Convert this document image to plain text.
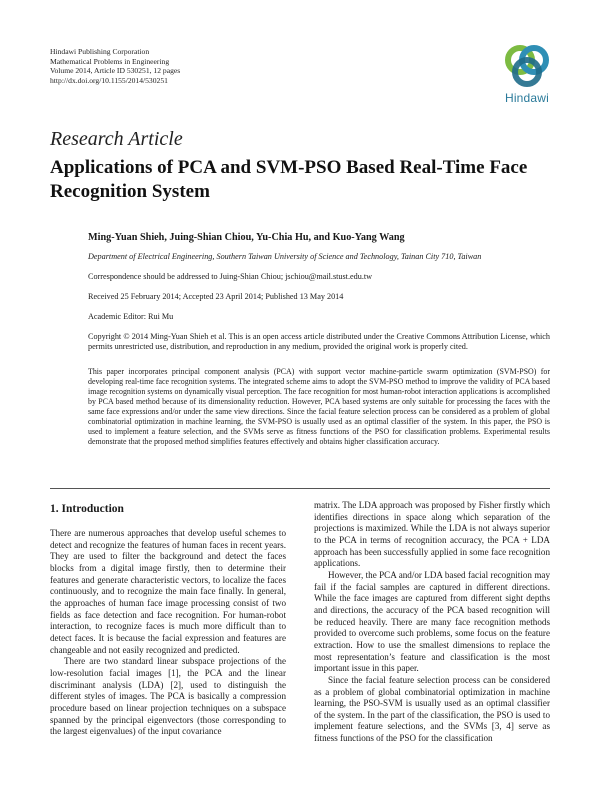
Hindawi Publishing Corporation
Mathematical Problems in Engineering
Volume 2014, Article ID 530251, 12 pages
http://dx.doi.org/10.1155/2014/530251
Hindawi
Research Article
Applications of PCA and SVM-PSO Based Real-Time Face Recognition System
Ming-Yuan Shieh, Juing-Shian Chiou, Yu-Chia Hu, and Kuo-Yang Wang
Department of Electrical Engineering, Southern Taiwan University of Science and Technology, Tainan City 710, Taiwan
Correspondence should be addressed to Juing-Shian Chiou; jschiou@mail.stust.edu.tw
Received 25 February 2014; Accepted 23 April 2014; Published 13 May 2014
Academic Editor: Rui Mu
Copyright © 2014 Ming-Yuan Shieh et al. This is an open access article distributed under the Creative Commons Attribution License, which permits unrestricted use, distribution, and reproduction in any medium, provided the original work is properly cited.
This paper incorporates principal component analysis (PCA) with support vector machine-particle swarm optimization (SVM-PSO) for developing real-time face recognition systems. The integrated scheme aims to adopt the SVM-PSO method to improve the validity of PCA based image recognition systems on dynamically visual perception. The face recognition for most human-robot interaction applications is accomplished by PCA based method because of its dimensionality reduction. However, PCA based systems are only suitable for processing the faces with the same face expressions and/or under the same view directions. Since the facial feature selection process can be considered as a problem of global combinatorial optimization in machine learning, the SVM-PSO is usually used as an optimal classifier of the system. In this paper, the PSO is used to implement a feature selection, and the SVMs serve as fitness functions of the PSO for classification problems. Experimental results demonstrate that the proposed method simplifies features effectively and obtains higher classification accuracy.
1. Introduction

There are numerous approaches that develop useful schemes to detect and recognize the features of human faces in recent years. They are used to filter the background and detect the faces blocks from a digital image firstly, then to determine their features and generate characteristic vectors, to localize the faces continuously, and to recognize the main face finally. In general, the approaches of human face image processing consist of two fields as face detection and face recognition. For human-robot interaction, to recognize faces is much more difficult than to detect faces. It is because the facial expression and features are changeable and not easily recognized and predicted.

There are two standard linear subspace projections of the low-resolution facial images [1], the PCA and the linear discriminant analysis (LDA) [2], used to distinguish the different styles of images. The PCA is basically a compression procedure based on linear projection techniques on a subspace spanned by the principal eigenvectors (those corresponding to the largest eigenvalues) of the input covariance

matrix. The LDA approach was proposed by Fisher firstly which identifies directions in space along which separation of the projections is maximized. While the LDA is not always superior to the PCA in terms of recognition accuracy, the PCA + LDA approach has been successfully applied in some face recognition applications.

However, the PCA and/or LDA based facial recognition may fail if the facial samples are captured in different directions. While the face images are captured from different sight depths and directions, the accuracy of the PCA based recognition will be reduced heavily. There are many face recognition methods provided to overcome such problems, some focus on the feature extraction. How to use the smallest dimensions to replace the most representation’s feature and classification is the most important issue in this paper.

Since the facial feature selection process can be considered as a problem of global combinatorial optimization in machine learning, the PSO-SVM is usually used as an optimal classifier of the system. In the part of the classification, the PSO is used to implement feature selections, and the SVMs [3, 4] serve as fitness functions of the PSO for the classification
